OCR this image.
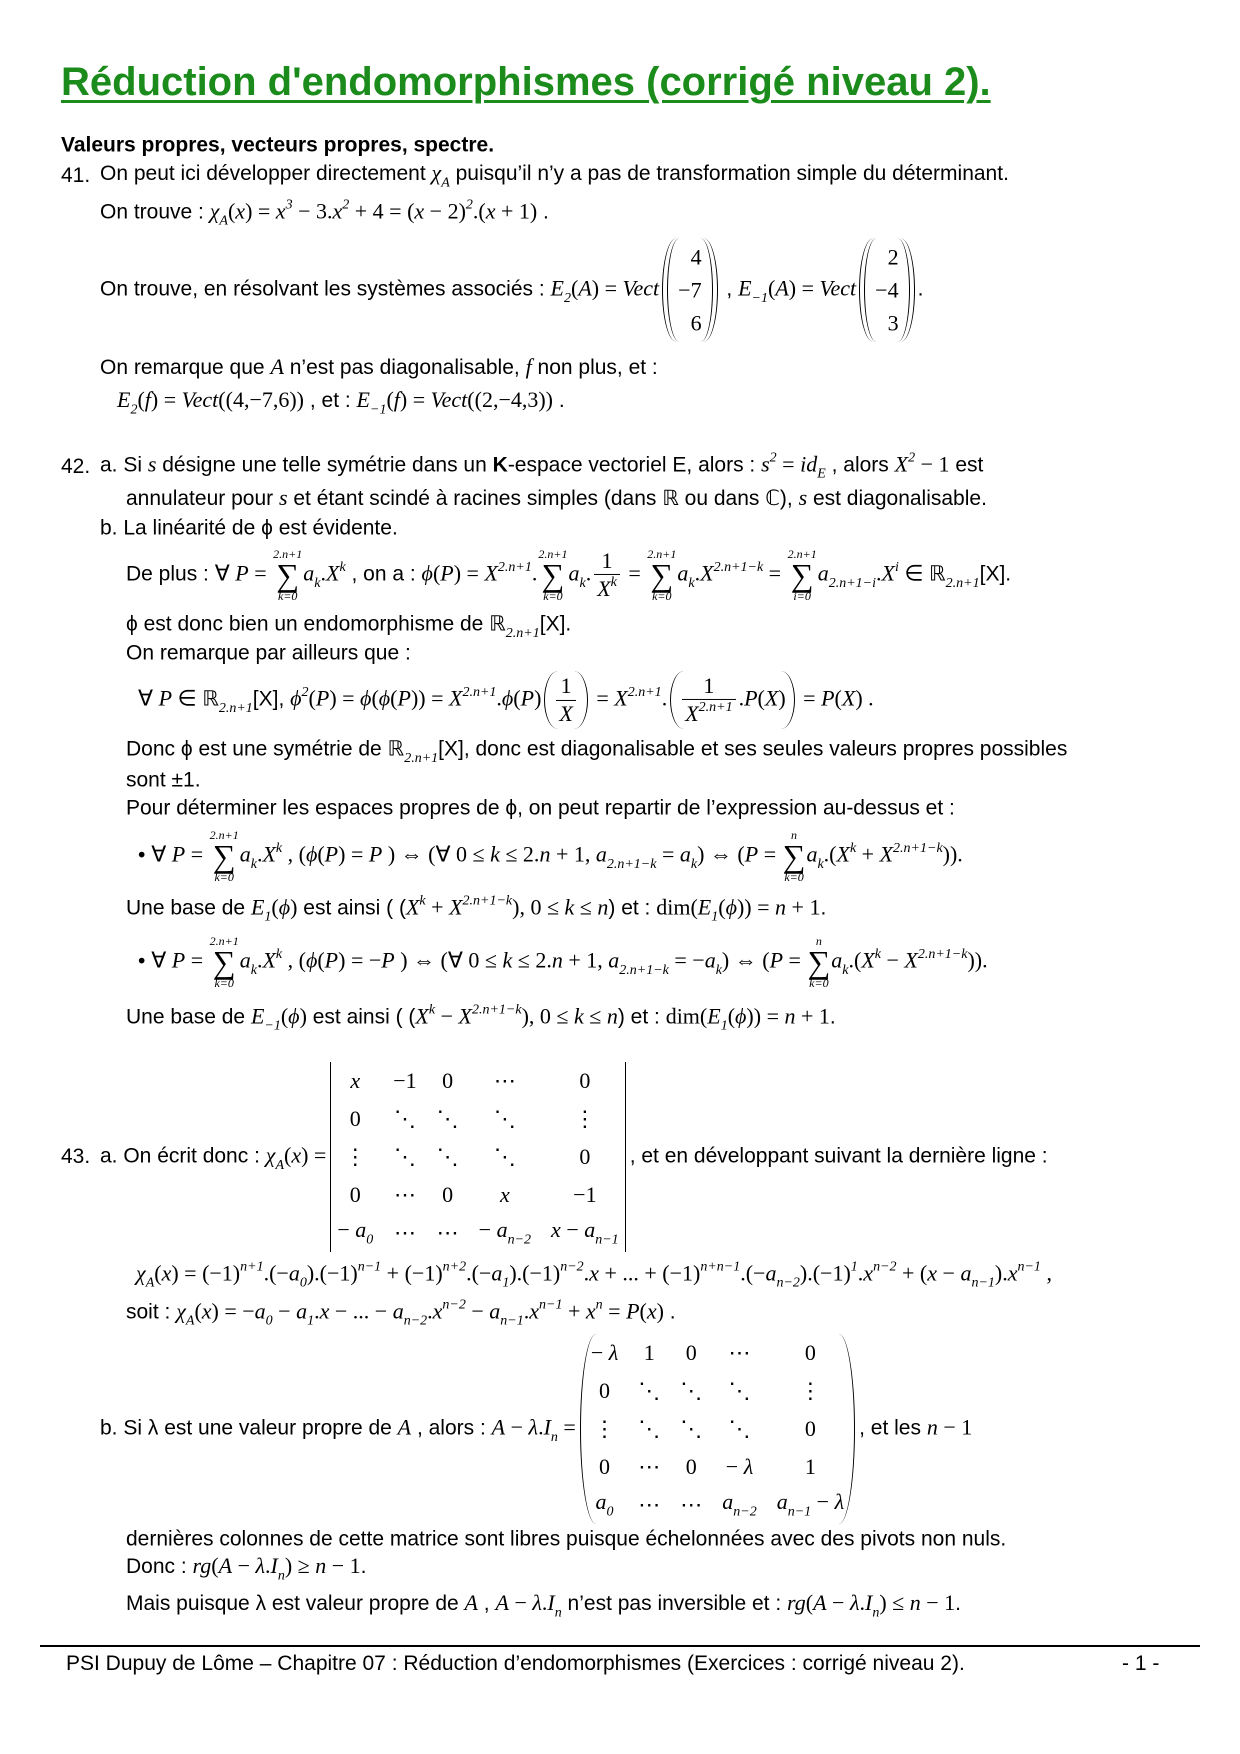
Réduction d'endomorphismes (corrigé niveau 2).
Valeurs propres, vecteurs propres, spectre.
41. On peut ici développer directement $\chi_A$ puisqu’il n’y a pas de transformation simple du déterminant.
On trouve : $\chi_A(x) = x^3 - 3.x^2 + 4 = (x - 2)^2.(x + 1)$ .
On trouve, en résolvant les systèmes associés : $E_2(A)$ = Vect
4
−7
6
, $E_{-1}(A)$ = Vect
2
−4
3
.
On remarque que A n’est pas diagonalisable, f non plus, et :
$E_2(f)$ = Vect((4,−7,6)) , et : $E_{-1}(f)$ = Vect((2,−4,3)) .
42. a. Si s désigne une telle symétrie dans un K-espace vectoriel E, alors : $s^2 = id_E$ , alors $X^2 - 1$ est
annulateur pour s et étant scindé à racines simples (dans ℝ ou dans ℂ), s est diagonalisable.
b. La linéarité de ϕ est évidente.
De plus : ∀ P =
2.n+1
∑
k=0
$a_k.X^k$ , on a : $\phi(P) = X^{2.n+1}$.
2.n+1
∑
k=0
$a_k$. $\frac{1}{X^k}$ =
2.n+1
∑
k=0
$a_k.X^{2.n+1-k}$ =
2.n+1
∑
i=0
$a_{2.n+1-i}.X^i$ ∈ ℝ$_{2.n+1}$[X].
ϕ est donc bien un endomorphisme de ℝ$_{2.n+1}$[X].
On remarque par ailleurs que :
∀ P ∈ ℝ$_{2.n+1}$[X], $\phi^2(P) = \phi(\phi(P)) = X^{2.n+1}.\phi(P) \frac{1}{X} = X^{2.n+1}$. $\frac{1}{X^{2.n+1}} .P(X) = P(X)$ .
Donc ϕ est une symétrie de ℝ$_{2.n+1}$[X], donc est diagonalisable et ses seules valeurs propres possibles
sont ±1.
Pour déterminer les espaces propres de ϕ, on peut repartir de l’expression au-dessus et :
• ∀ P =
2.n+1
∑
k=0
$a_k.X^k$ , (ϕ(P) = P ) ⇔ (∀ 0 ≤ k ≤ 2.n + 1, $a_{2.n+1-k} = a_k$) ⇔ (P =
n
∑
k=0
$a_k.(X^k + X^{2.n+1-k})$).
Une base de $E_1(\phi)$ est ainsi ( $(X^k + X^{2.n+1-k})$, 0 ≤ k ≤ n) et : $dim(E_1(\phi)) = n + 1$.
• ∀ P =
2.n+1
∑
k=0
$a_k.X^k$ , (ϕ(P) = −P ) ⇔ (∀ 0 ≤ k ≤ 2.n + 1, $a_{2.n+1-k} = -a_k$) ⇔ (P =
n
∑
k=0
$a_k.(X^k - X^{2.n+1-k})$).
Une base de $E_{-1}(\phi)$ est ainsi ( $(X^k - X^{2.n+1-k})$, 0 ≤ k ≤ n) et : $dim(E_1(\phi)) = n + 1$.
43. a. On écrit donc : $\chi_A(x)$ =
x −1 0 ⋯	0
0 ⋱ ⋱ ⋱	⋮
⋮ ⋱ ⋱ ⋱	0
0 ⋯ 0 x	−1
− $a_0$ ⋯ ⋯ − $a_{n-2}$ $x - a_{n-1}$
, et en développant suivant la dernière ligne :
$\chi_A(x) = (-1)^{n+1}.(-a_0).(-1)^{n-1} + (-1)^{n+2}.(-a_1).(-1)^{n-2}.x$ + ... + $(-1)^{n+n-1}.(-a_{n-2}).(-1)^1.x^{n-2} + (x - a_{n-1}).x^{n-1}$ ,
soit : $\chi_A(x) = -a_0 - a_1.x$ − ... − $a_{n-2}.x^{n-2} - a_{n-1}.x^{n-1} + x^n = P(x)$ .
b. Si λ est une valeur propre de A , alors : $A - \lambda.I_n$ =
− λ 1 0 ⋯ 0
0 ⋱ ⋱ ⋱ ⋮
⋮ ⋱ ⋱ ⋱ 0
0 ⋯ 0 − λ 1
$a_0$ ⋯ ⋯ $a_{n-2}$ $a_{n-1} - \lambda$
, et les n − 1
dernières colonnes de cette matrice sont libres puisque échelonnées avec des pivots non nuls.
Donc : $rg(A - \lambda.I_n) \ge n - 1$.
Mais puisque λ est valeur propre de A , $A - \lambda.I_n$ n’est pas inversible et : $rg(A - \lambda.I_n) \le n - 1$.
PSI Dupuy de Lôme – Chapitre 07 : Réduction d’endomorphismes (Exercices : corrigé niveau 2).	- 1 -
